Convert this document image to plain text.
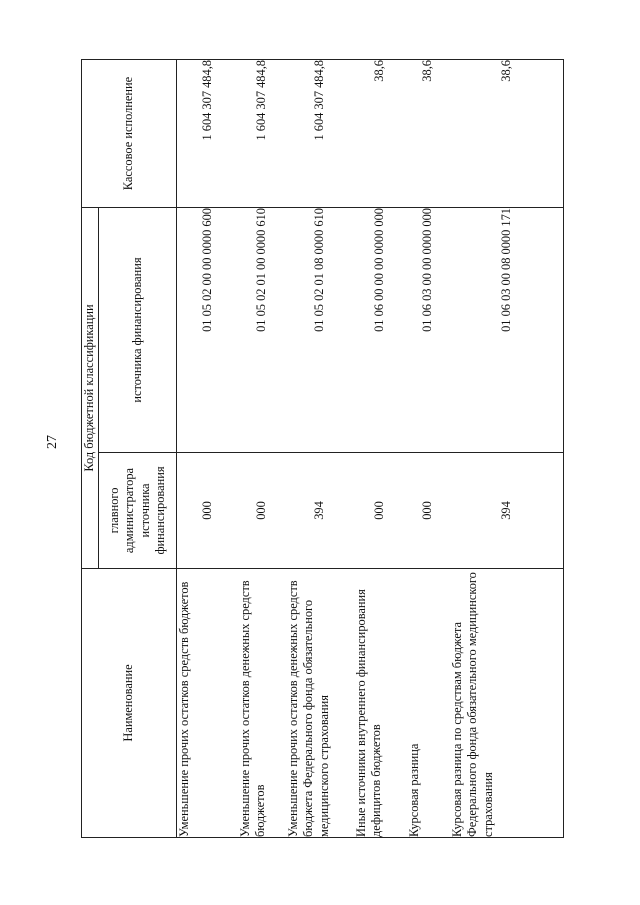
27
Наименование	Код бюджетной классификации		Кассовое исполнение
	главного администратора источника финансирования	источника финансирования	
Уменьшение прочих остатков средств бюджетов	000	01 05 02 00 00 0000 600	1 604 307 484,8
Уменьшение прочих остатков денежных средств бюджетов	000	01 05 02 01 00 0000 610	1 604 307 484,8
Уменьшение прочих остатков денежных средств бюджета Федерального фонда обязательного медицинского страхования	394	01 05 02 01 08 0000 610	1 604 307 484,8
Иные источники внутреннего финансирования дефицитов бюджетов	000	01 06 00 00 00 0000 000	38,6
Курсовая разница	000	01 06 03 00 00 0000 000	38,6
Курсовая разница по средствам бюджета Федерального фонда обязательного медицинского страхования	394	01 06 03 00 08 0000 171	38,6
